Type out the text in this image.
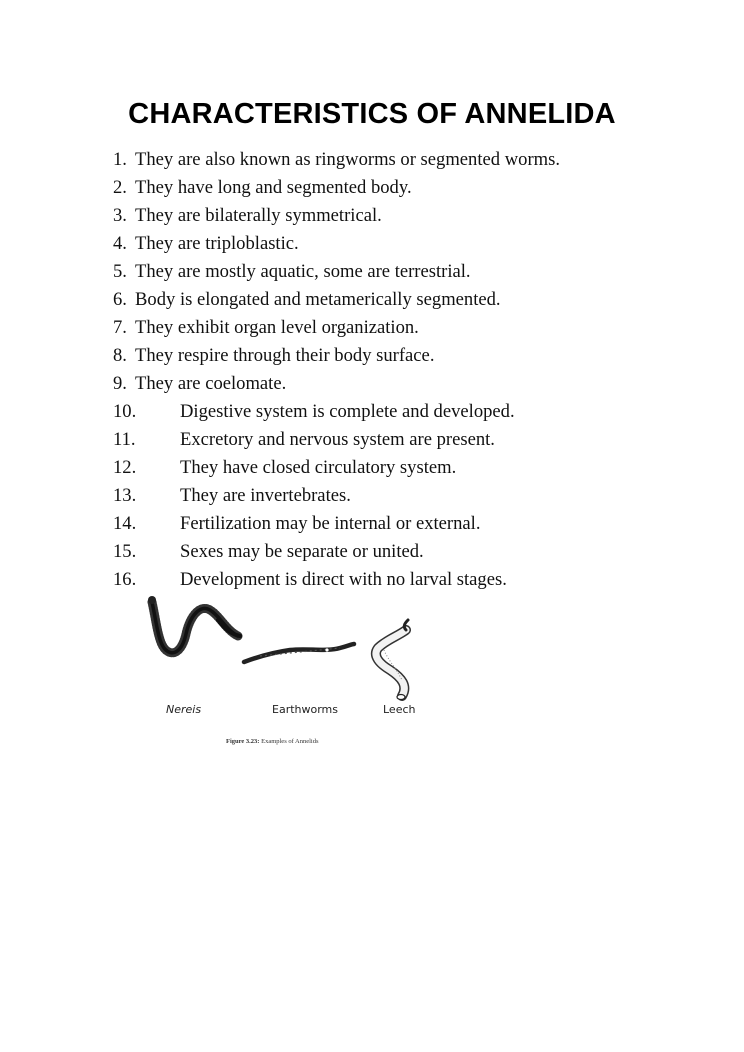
CHARACTERISTICS OF ANNELIDA
1. They are also known as ringworms or segmented worms.
2. They have long and segmented body.
3. They are bilaterally symmetrical.
4. They are triploblastic.
5. They are mostly aquatic, some are terrestrial.
6. Body is elongated and metamerically segmented.
7. They exhibit organ level organization.
8. They respire through their body surface.
9. They are coelomate.
10. Digestive system is complete and developed.
11. Excretory and nervous system are present.
12. They have closed circulatory system.
13. They are invertebrates.
14. Fertilization may be internal or external.
15. Sexes may be separate or united.
16. Development is direct with no larval stages.
Nereis	Earthworms	Leech
Figure 3.23: Examples of Annelids
